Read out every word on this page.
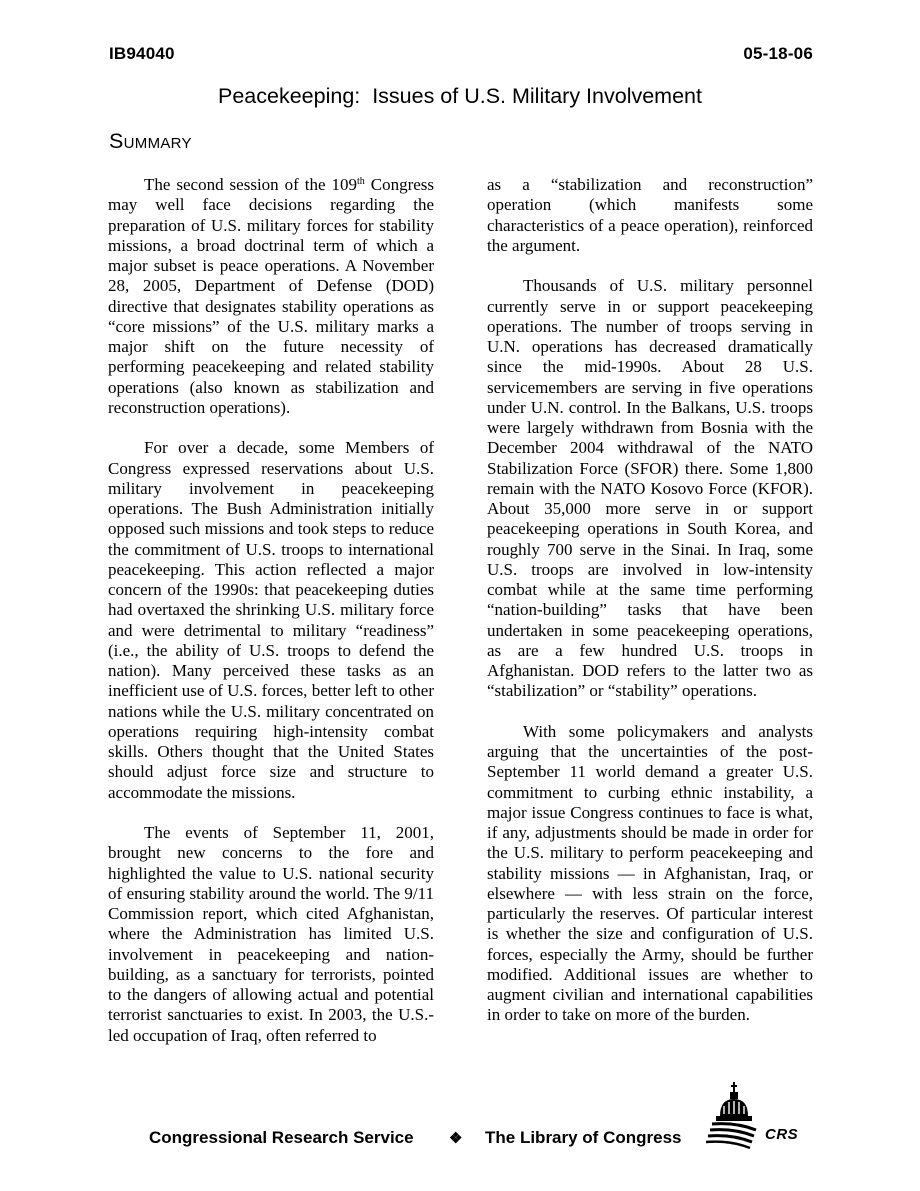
IB94040	05-18-06
Peacekeeping:  Issues of U.S. Military Involvement
Summary

The second session of the 109th Congress may well face decisions regarding the preparation of U.S. military forces for stability missions, a broad doctrinal term of which a major subset is peace operations. A November 28, 2005, Department of Defense (DOD) directive that designates stability operations as “core missions” of the U.S. military marks a major shift on the future necessity of performing peacekeeping and related stability operations (also known as stabilization and reconstruction operations).

For over a decade, some Members of Congress expressed reservations about U.S. military involvement in peacekeeping operations. The Bush Administration initially opposed such missions and took steps to reduce the commitment of U.S. troops to international peacekeeping. This action reflected a major concern of the 1990s: that peacekeeping duties had overtaxed the shrinking U.S. military force and were detrimental to military “readiness” (i.e., the ability of U.S. troops to defend the nation). Many perceived these tasks as an inefficient use of U.S. forces, better left to other nations while the U.S. military concentrated on operations requiring high-intensity combat skills. Others thought that the United States should adjust force size and structure to accommodate the missions.

The events of September 11, 2001, brought new concerns to the fore and highlighted the value to U.S. national security of ensuring stability around the world. The 9/11 Commission report, which cited Afghanistan, where the Administration has limited U.S. involvement in peacekeeping and nation-building, as a sanctuary for terrorists, pointed to the dangers of allowing actual and potential terrorist sanctuaries to exist. In 2003, the U.S.-led occupation of Iraq, often referred to

as a “stabilization and reconstruction” operation (which manifests some characteristics of a peace operation), reinforced the argument.

Thousands of U.S. military personnel currently serve in or support peacekeeping operations. The number of troops serving in U.N. operations has decreased dramatically since the mid-1990s. About 28 U.S. servicemembers are serving in five operations under U.N. control. In the Balkans, U.S. troops were largely withdrawn from Bosnia with the December 2004 withdrawal of the NATO Stabilization Force (SFOR) there. Some 1,800 remain with the NATO Kosovo Force (KFOR). About 35,000 more serve in or support peacekeeping operations in South Korea, and roughly 700 serve in the Sinai. In Iraq, some U.S. troops are involved in low-intensity combat while at the same time performing “nation-building” tasks that have been undertaken in some peacekeeping operations, as are a few hundred U.S. troops in Afghanistan. DOD refers to the latter two as “stabilization” or “stability” operations.

With some policymakers and analysts arguing that the uncertainties of the post-September 11 world demand a greater U.S. commitment to curbing ethnic instability, a major issue Congress continues to face is what, if any, adjustments should be made in order for the U.S. military to perform peacekeeping and stability missions — in Afghanistan, Iraq, or elsewhere — with less strain on the force, particularly the reserves. Of particular interest is whether the size and configuration of U.S. forces, especially the Army, should be further modified. Additional issues are whether to augment civilian and international capabilities in order to take on more of the burden.

Congressional Research Service ❖ The Library of Congress	CRS
